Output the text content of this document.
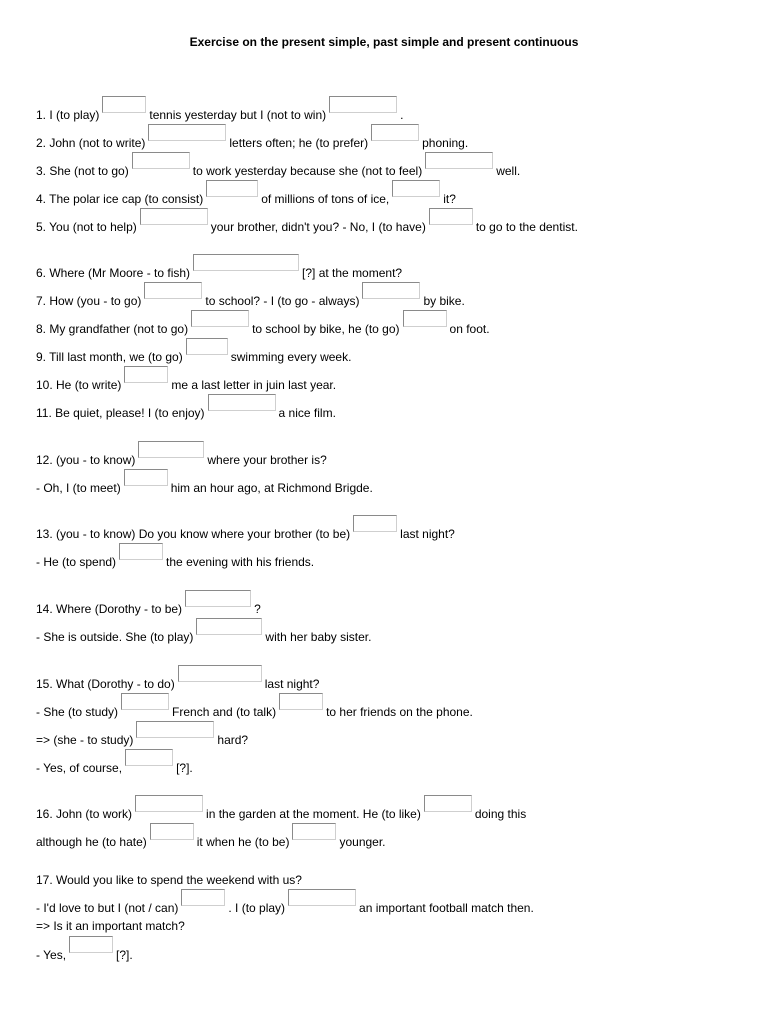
Exercise on the present simple, past simple and present continuous
1. I (to play)	tennis yesterday but I (not to win)	.
2. John (not to write)	letters often; he (to prefer)	phoning.
3. She (not to go)	to work yesterday because she (not to feel)	well.
4. The polar ice cap (to consist)	of millions of tons of ice,	it?
5. You (not to help)	your brother, didn't you? - No, I (to have)	to go to the dentist.
6. Where (Mr Moore - to fish)	[?] at the moment?
7. How (you - to go)	to school? - I (to go - always)	by bike.
8. My grandfather (not to go)	to school by bike, he (to go)	on foot.
9. Till last month, we (to go)	swimming every week.
10. He (to write)	me a last letter in juin last year.
11. Be quiet, please! I (to enjoy)	a nice film.
12. (you - to know)	where your brother is?
- Oh, I (to meet)	him an hour ago, at Richmond Brigde.
13. (you - to know) Do you know where your brother (to be)	last night?
- He (to spend)	the evening with his friends.
14. Where (Dorothy - to be)	?
- She is outside. She (to play)	with her baby sister.
15. What (Dorothy - to do)	last night?
- She (to study)	French and (to talk)	to her friends on the phone.
=> (she - to study)	hard?
- Yes, of course,	[?].
16. John (to work)	in the garden at the moment. He (to like)	doing this
although he (to hate)	it when he (to be)	younger.
17. Would you like to spend the weekend with us?
- I'd love to but I (not / can)	. I (to play)	an important football match then.
=> Is it an important match?
- Yes,	[?].
